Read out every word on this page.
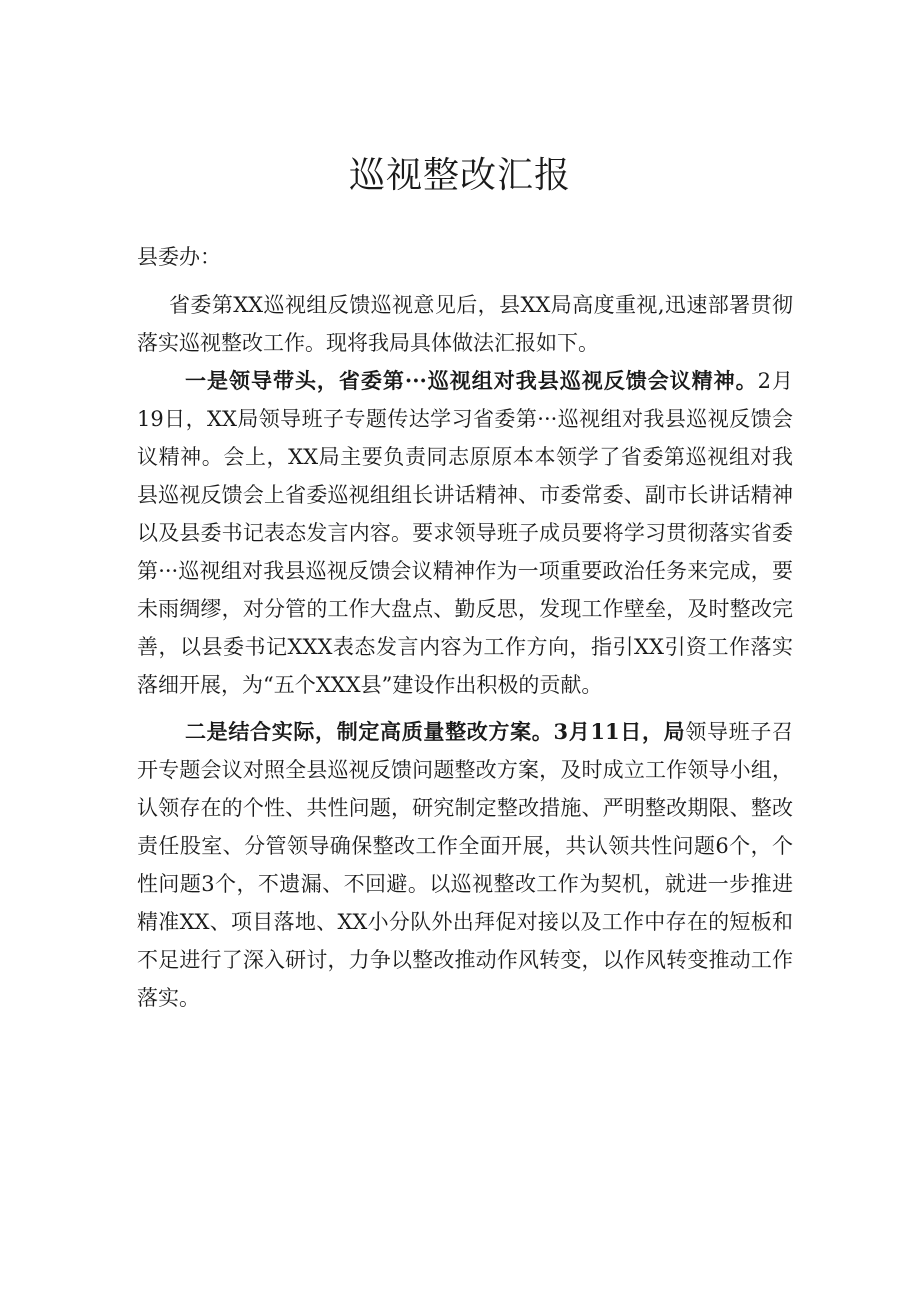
巡视整改汇报

县委办：

省委第XX巡视组反馈巡视意见后，县XX局高度重视,迅速部署贯彻落实巡视整改工作。现将我局具体做法汇报如下。

一是领导带头，省委第···巡视组对我县巡视反馈会议精神。2月19日，XX局领导班子专题传达学习省委第···巡视组对我县巡视反馈会议精神。会上，XX局主要负责同志原原本本领学了省委第巡视组对我县巡视反馈会上省委巡视组组长讲话精神、市委常委、副市长讲话精神以及县委书记表态发言内容。要求领导班子成员要将学习贯彻落实省委第···巡视组对我县巡视反馈会议精神作为一项重要政治任务来完成，要未雨绸缪，对分管的工作大盘点、勤反思，发现工作壁垒，及时整改完善，以县委书记XXX表态发言内容为工作方向，指引XX引资工作落实落细开展，为“五个XXX县”建设作出积极的贡献。

二是结合实际，制定高质量整改方案。3月11日，局领导班子召开专题会议对照全县巡视反馈问题整改方案，及时成立工作领导小组，认领存在的个性、共性问题，研究制定整改措施、严明整改期限、整改责任股室、分管领导确保整改工作全面开展，共认领共性问题6个，个性问题3个，不遗漏、不回避。以巡视整改工作为契机，就进一步推进精准XX、项目落地、XX小分队外出拜促对接以及工作中存在的短板和不足进行了深入研讨，力争以整改推动作风转变，以作风转变推动工作落实。
